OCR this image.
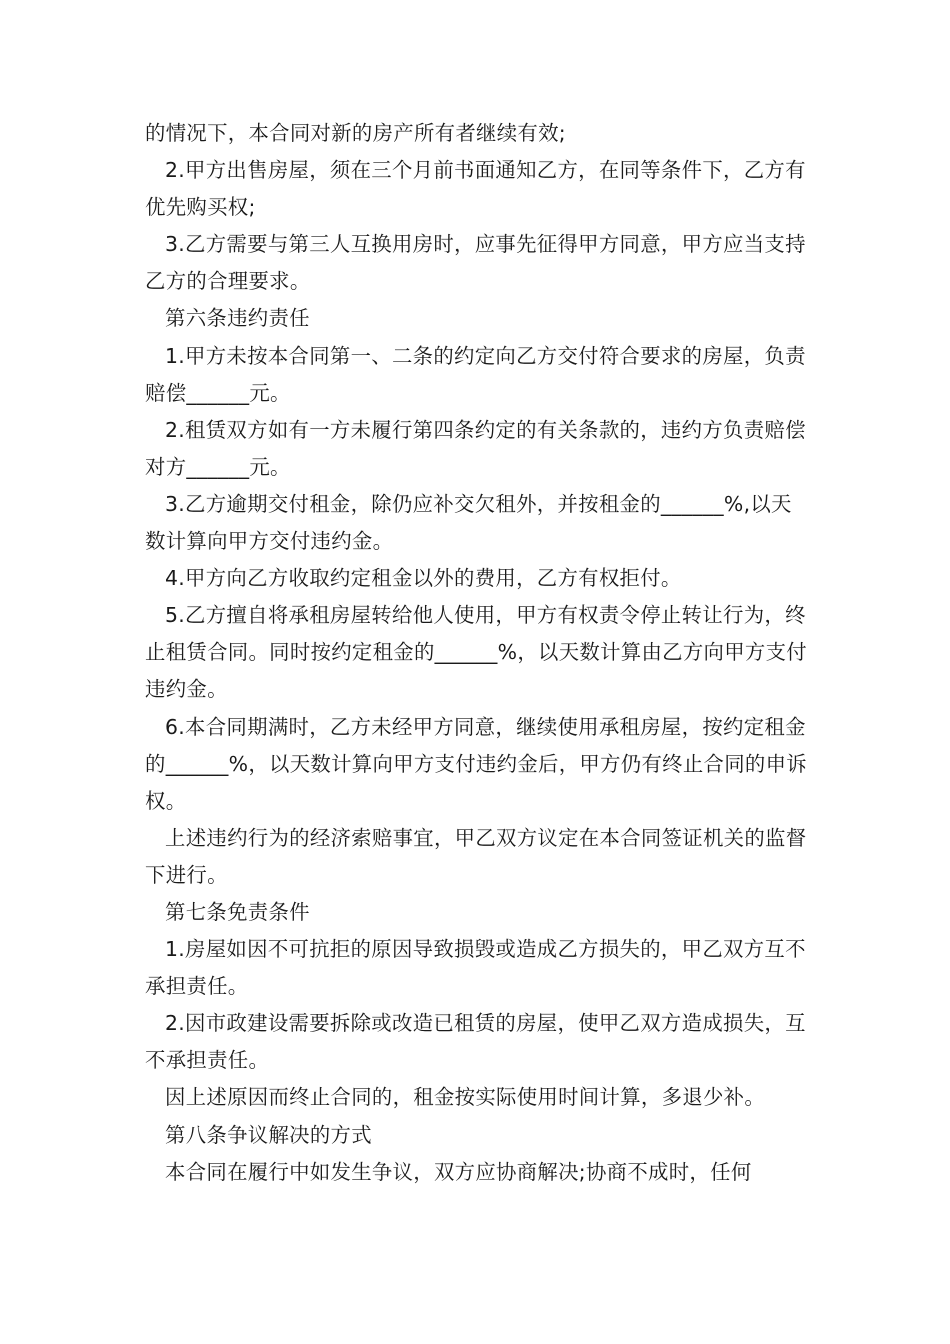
的情况下，本合同对新的房产所有者继续有效;

2.甲方出售房屋，须在三个月前书面通知乙方，在同等条件下，乙方有优先购买权;

3.乙方需要与第三人互换用房时，应事先征得甲方同意，甲方应当支持乙方的合理要求。

第六条违约责任

1.甲方未按本合同第一、二条的约定向乙方交付符合要求的房屋，负责赔偿______元。

2.租赁双方如有一方未履行第四条约定的有关条款的，违约方负责赔偿对方______元。

3.乙方逾期交付租金，除仍应补交欠租外，并按租金的______%,以天数计算向甲方交付违约金。

4.甲方向乙方收取约定租金以外的费用，乙方有权拒付。

5.乙方擅自将承租房屋转给他人使用，甲方有权责令停止转让行为，终止租赁合同。同时按约定租金的______%，以天数计算由乙方向甲方支付违约金。

6.本合同期满时，乙方未经甲方同意，继续使用承租房屋，按约定租金的______%，以天数计算向甲方支付违约金后，甲方仍有终止合同的申诉权。

上述违约行为的经济索赔事宜，甲乙双方议定在本合同签证机关的监督下进行。

第七条免责条件

1.房屋如因不可抗拒的原因导致损毁或造成乙方损失的，甲乙双方互不承担责任。

2.因市政建设需要拆除或改造已租赁的房屋，使甲乙双方造成损失，互不承担责任。

因上述原因而终止合同的，租金按实际使用时间计算，多退少补。

第八条争议解决的方式

本合同在履行中如发生争议，双方应协商解决;协商不成时，任何
